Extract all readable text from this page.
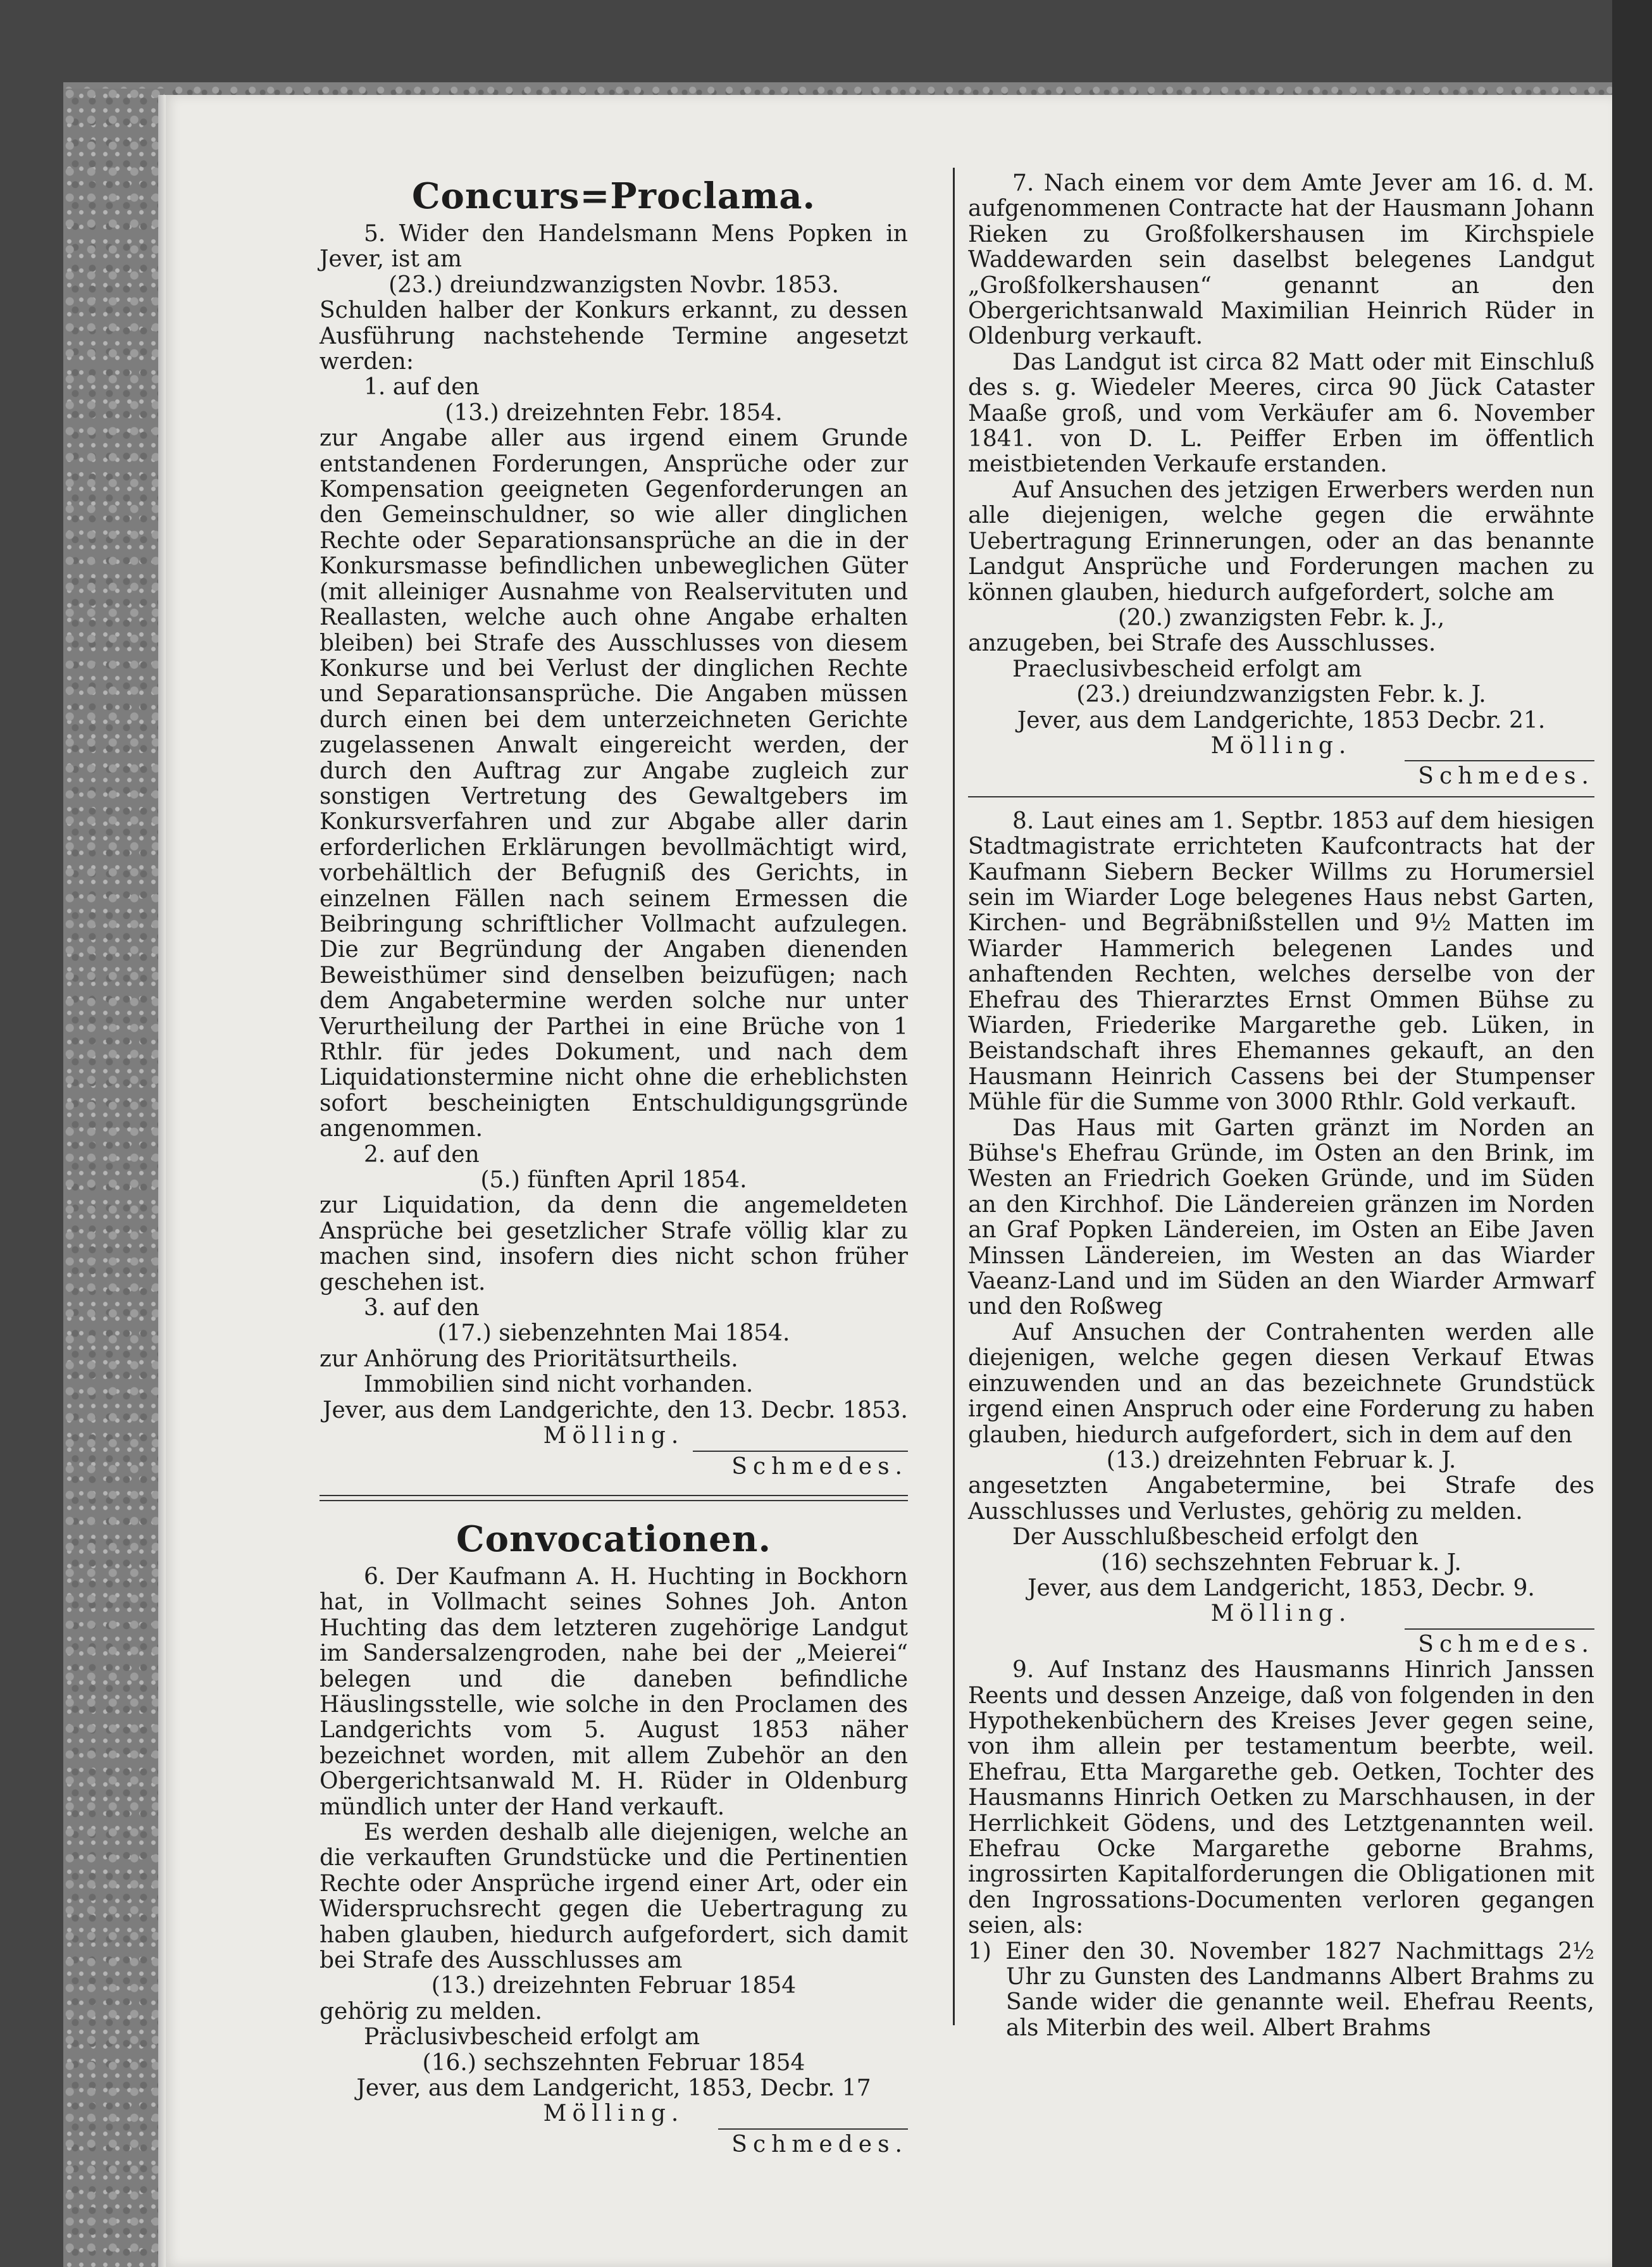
Concurs=Proclama.

5. Wider den Handelsmann Mens Popken in Jever, ist am

(23.) dreiundzwanzigsten Novbr. 1853.

Schulden halber der Konkurs erkannt, zu dessen Ausführung nachstehende Termine angesetzt werden:

1. auf den

(13.) dreizehnten Febr. 1854.

zur Angabe aller aus irgend einem Grunde entstandenen Forderungen, Ansprüche oder zur Kompensation geeigneten Gegenforderungen an den Gemeinschuldner, so wie aller dinglichen Rechte oder Separationsansprüche an die in der Konkursmasse befindlichen unbeweglichen Güter (mit alleiniger Ausnahme von Realservituten und Reallasten, welche auch ohne Angabe erhalten bleiben) bei Strafe des Ausschlusses von diesem Konkurse und bei Verlust der dinglichen Rechte und Separationsansprüche. Die Angaben müssen durch einen bei dem unterzeichneten Gerichte zugelassenen Anwalt eingereicht werden, der durch den Auftrag zur Angabe zugleich zur sonstigen Vertretung des Gewaltgebers im Konkursverfahren und zur Abgabe aller darin erforderlichen Erklärungen bevollmächtigt wird, vorbehältlich der Befugniß des Gerichts, in einzelnen Fällen nach seinem Ermessen die Beibringung schriftlicher Vollmacht aufzulegen. Die zur Begründung der Angaben dienenden Beweisthümer sind denselben beizufügen; nach dem Angabetermine werden solche nur unter Verurtheilung der Parthei in eine Brüche von 1 Rthlr. für jedes Dokument, und nach dem Liquidationstermine nicht ohne die erheblichsten sofort bescheinigten Entschuldigungsgründe angenommen.

2. auf den

(5.) fünften April 1854.

zur Liquidation, da denn die angemeldeten Ansprüche bei gesetzlicher Strafe völlig klar zu machen sind, insofern dies nicht schon früher geschehen ist.

3. auf den

(17.) siebenzehnten Mai 1854.

zur Anhörung des Prioritätsurtheils.

Immobilien sind nicht vorhanden.

Jever, aus dem Landgerichte, den 13. Decbr. 1853.

Mölling.

Schmedes.

Convocationen.

6. Der Kaufmann A. H. Huchting in Bockhorn hat, in Vollmacht seines Sohnes Joh. Anton Huchting das dem letzteren zugehörige Landgut im Sandersalzengroden, nahe bei der „Meierei“ belegen und die daneben befindliche Häuslingsstelle, wie solche in den Proclamen des Landgerichts vom 5. August 1853 näher bezeichnet worden, mit allem Zubehör an den Obergerichtsanwald M. H. Rüder in Oldenburg mündlich unter der Hand verkauft.

Es werden deshalb alle diejenigen, welche an die verkauften Grundstücke und die Pertinentien Rechte oder Ansprüche irgend einer Art, oder ein Widerspruchsrecht gegen die Uebertragung zu haben glauben, hiedurch aufgefordert, sich damit bei Strafe des Ausschlusses am

(13.) dreizehnten Februar 1854

gehörig zu melden.

Präclusivbescheid erfolgt am

(16.) sechszehnten Februar 1854

Jever, aus dem Landgericht, 1853, Decbr. 17

Mölling.

Schmedes.

7. Nach einem vor dem Amte Jever am 16. d. M. aufgenommenen Contracte hat der Hausmann Johann Rieken zu Großfolkershausen im Kirchspiele Waddewarden sein daselbst belegenes Landgut „Großfolkershausen“ genannt an den Obergerichtsanwald Maximilian Heinrich Rüder in Oldenburg verkauft.

Das Landgut ist circa 82 Matt oder mit Einschluß des s. g. Wiedeler Meeres, circa 90 Jück Cataster Maaße groß, und vom Verkäufer am 6. November 1841. von D. L. Peiffer Erben im öffentlich meistbietenden Verkaufe erstanden.

Auf Ansuchen des jetzigen Erwerbers werden nun alle diejenigen, welche gegen die erwähnte Uebertragung Erinnerungen, oder an das benannte Landgut Ansprüche und Forderungen machen zu können glauben, hiedurch aufgefordert, solche am

(20.) zwanzigsten Febr. k. J.,

anzugeben, bei Strafe des Ausschlusses.

Praeclusivbescheid erfolgt am

(23.) dreiundzwanzigsten Febr. k. J.

Jever, aus dem Landgerichte, 1853 Decbr. 21.

Mölling.

Schmedes.

8. Laut eines am 1. Septbr. 1853 auf dem hiesigen Stadtmagistrate errichteten Kaufcontracts hat der Kaufmann Siebern Becker Willms zu Horumersiel sein im Wiarder Loge belegenes Haus nebst Garten, Kirchen- und Begräbnißstellen und 9½ Matten im Wiarder Hammerich belegenen Landes und anhaftenden Rechten, welches derselbe von der Ehefrau des Thierarztes Ernst Ommen Bühse zu Wiarden, Friederike Margarethe geb. Lüken, in Beistandschaft ihres Ehemannes gekauft, an den Hausmann Heinrich Cassens bei der Stumpenser Mühle für die Summe von 3000 Rthlr. Gold verkauft.

Das Haus mit Garten gränzt im Norden an Bühse's Ehefrau Gründe, im Osten an den Brink, im Westen an Friedrich Goeken Gründe, und im Süden an den Kirchhof. Die Ländereien gränzen im Norden an Graf Popken Ländereien, im Osten an Eibe Javen Minssen Ländereien, im Westen an das Wiarder Vaeanz-Land und im Süden an den Wiarder Armwarf und den Roßweg

Auf Ansuchen der Contrahenten werden alle diejenigen, welche gegen diesen Verkauf Etwas einzuwenden und an das bezeichnete Grundstück irgend einen Anspruch oder eine Forderung zu haben glauben, hiedurch aufgefordert, sich in dem auf den

(13.) dreizehnten Februar k. J.

angesetzten Angabetermine, bei Strafe des Ausschlusses und Verlustes, gehörig zu melden.

Der Ausschlußbescheid erfolgt den

(16) sechszehnten Februar k. J.

Jever, aus dem Landgericht, 1853, Decbr. 9.

Mölling.

Schmedes.

9. Auf Instanz des Hausmanns Hinrich Janssen Reents und dessen Anzeige, daß von folgenden in den Hypothekenbüchern des Kreises Jever gegen seine, von ihm allein per testamentum beerbte, weil. Ehefrau, Etta Margarethe geb. Oetken, Tochter des Hausmanns Hinrich Oetken zu Marschhausen, in der Herrlichkeit Gödens, und des Letztgenannten weil. Ehefrau Ocke Margarethe geborne Brahms, ingrossirten Kapitalforderungen die Obligationen mit den Ingrossations-Documenten verloren gegangen seien, als:

1) Einer den 30. November 1827 Nachmittags 2½ Uhr zu Gunsten des Landmanns Albert Brahms zu Sande wider die genannte weil. Ehefrau Reents, als Miterbin des weil. Albert Brahms
